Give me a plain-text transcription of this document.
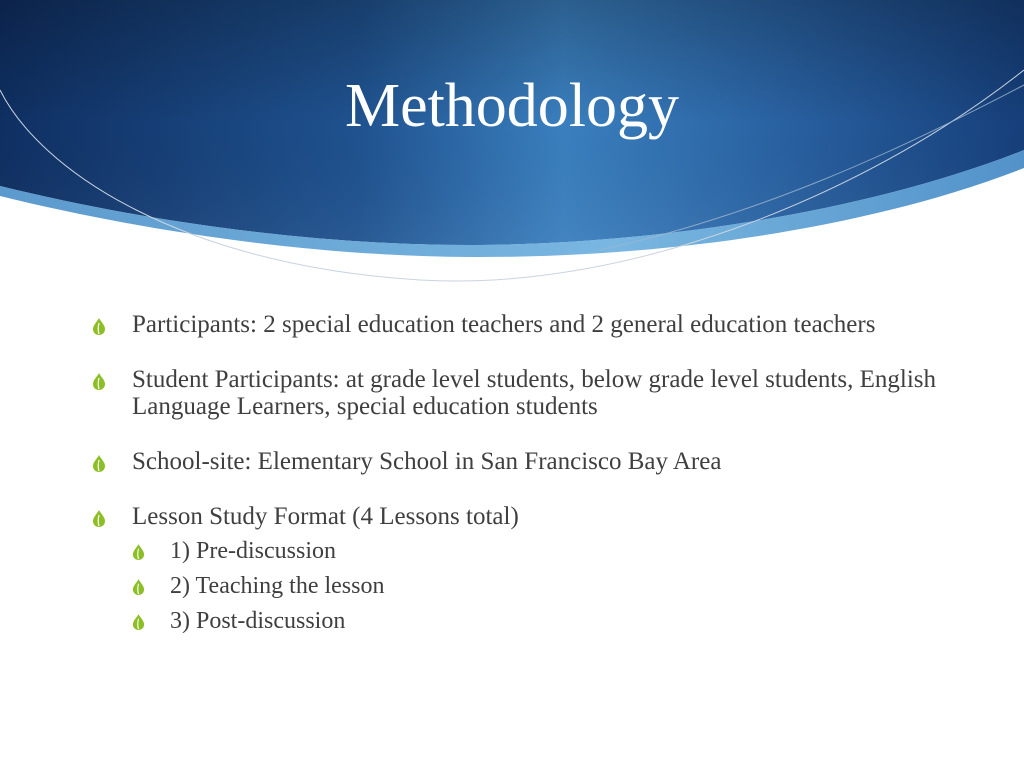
Methodology
Participants: 2 special education teachers and 2 general education teachers
Student Participants: at grade level students, below grade level students, English Language Learners, special education students
School-site: Elementary School in San Francisco Bay Area
Lesson Study Format (4 Lessons total)
1) Pre-discussion
2) Teaching the lesson
3) Post-discussion
